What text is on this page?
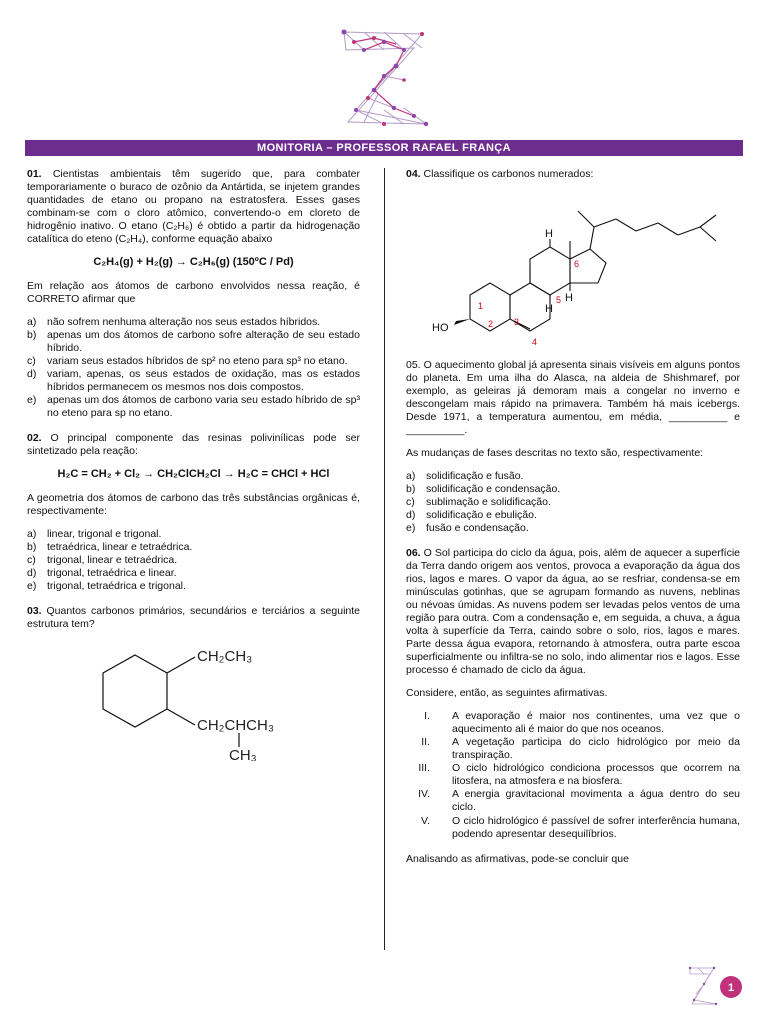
MONITORIA – PROFESSOR RAFAEL FRANÇA

01. Cientistas ambientais têm sugerido que, para combater temporariamente o buraco de ozônio da Antártida, se injetem grandes quantidades de etano ou propano na estratosfera. Esses gases combinam-se com o cloro atômico, convertendo-o em cloreto de hidrogênio inativo. O etano (C₂H₆) é obtido a partir da hidrogenação catalítica do eteno (C₂H₄), conforme equação abaixo

C₂H₄(g) + H₂(g) → C₂H₆(g) (150ºC / Pd)

Em relação aos átomos de carbono envolvidos nessa reação, é CORRETO afirmar que

a) não sofrem nenhuma alteração nos seus estados híbridos.
b) apenas um dos átomos de carbono sofre alteração de seu estado híbrido.
c) variam seus estados híbridos de sp² no eteno para sp³ no etano.
d) variam, apenas, os seus estados de oxidação, mas os estados híbridos permanecem os mesmos nos dois compostos.
e) apenas um dos átomos de carbono varia seu estado híbrido de sp³ no eteno para sp no etano.

02. O principal componente das resinas polivinílicas pode ser sintetizado pela reação:

H₂C = CH₂ + Cl₂ → CH₂ClCH₂Cl → H₂C = CHCl + HCl

A geometria dos átomos de carbono das três substâncias orgânicas é, respectivamente:

a) linear, trigonal e trigonal.
b) tetraédrica, linear e tetraédrica.
c) trigonal, linear e tetraédrica.
d) trigonal, tetraédrica e linear.
e) trigonal, tetraédrica e trigonal.

03. Quantos carbonos primários, secundários e terciários a seguinte estrutura tem?

CH₂CH₃
CH₂CHCH₃
CH₃

04. Classifique os carbonos numerados:

HO
H
H
H
1
2 3
4
5
6

05. O aquecimento global já apresenta sinais visíveis em alguns pontos do planeta. Em uma ilha do Alasca, na aldeia de Shishmaref, por exemplo, as geleiras já demoram mais a congelar no inverno e descongelam mais rápido na primavera. Também há mais icebergs. Desde 1971, a temperatura aumentou, em média, __________ e __________.

As mudanças de fases descritas no texto são, respectivamente:

a) solidificação e fusão.
b) solidificação e condensação.
c) sublimação e solidificação.
d) solidificação e ebulição.
e) fusão e condensação.

06. O Sol participa do ciclo da água, pois, além de aquecer a superfície da Terra dando origem aos ventos, provoca a evaporação da água dos rios, lagos e mares. O vapor da água, ao se resfriar, condensa-se em minúsculas gotinhas, que se agrupam formando as nuvens, neblinas ou névoas úmidas. As nuvens podem ser levadas pelos ventos de uma região para outra. Com a condensação e, em seguida, a chuva, a água volta à superfície da Terra, caindo sobre o solo, rios, lagos e mares. Parte dessa água evapora, retornando à atmosfera, outra parte escoa superficialmente ou infiltra-se no solo, indo alimentar rios e lagos. Esse processo é chamado de ciclo da água.

Considere, então, as seguintes afirmativas.

I. A evaporação é maior nos continentes, uma vez que o aquecimento ali é maior do que nos oceanos.
II. A vegetação participa do ciclo hidrológico por meio da transpiração.
III. O ciclo hidrológico condiciona processos que ocorrem na litosfera, na atmosfera e na biosfera.
IV. A energia gravitacional movimenta a água dentro do seu ciclo.
V. O ciclo hidrológico é passível de sofrer interferência humana, podendo apresentar desequilíbrios.

Analisando as afirmativas, pode-se concluir que

1
